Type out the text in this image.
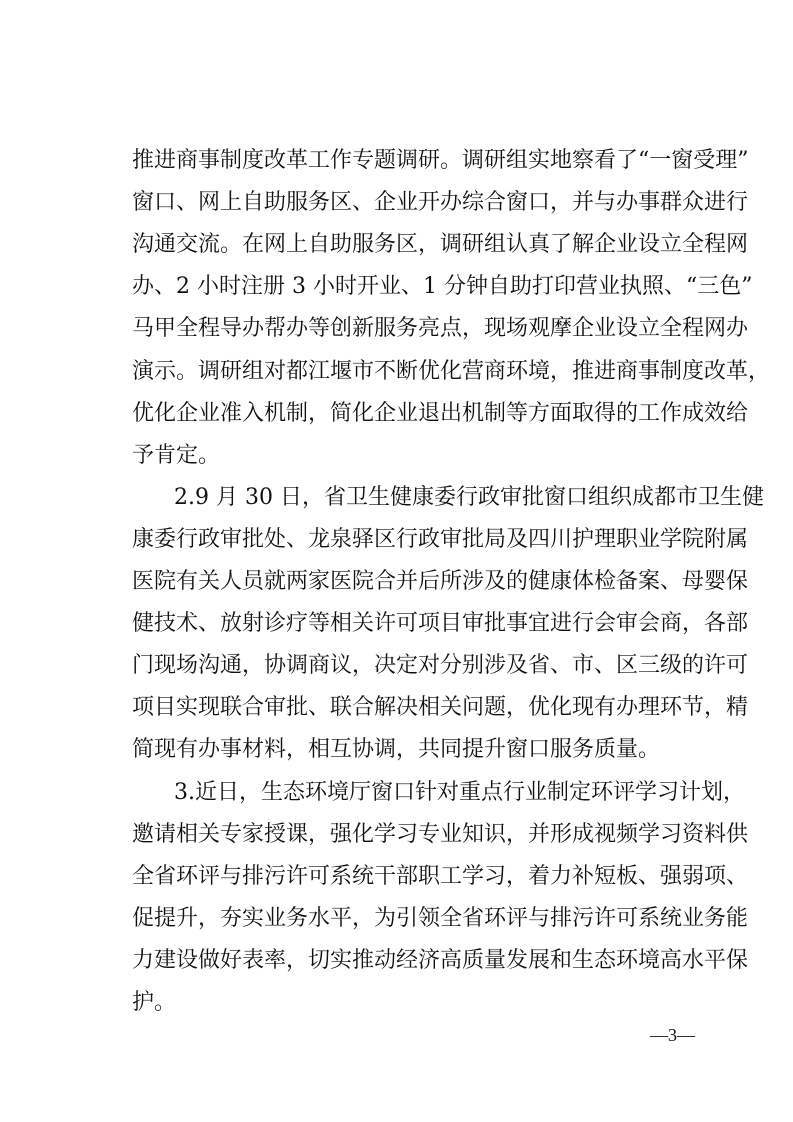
推进商事制度改革工作专题调研。调研组实地察看了“一窗受理”
窗口、网上自助服务区、企业开办综合窗口，并与办事群众进行
沟通交流。在网上自助服务区，调研组认真了解企业设立全程网
办、2 小时注册 3 小时开业、1 分钟自助打印营业执照、“三色”
马甲全程导办帮办等创新服务亮点，现场观摩企业设立全程网办
演示。调研组对都江堰市不断优化营商环境，推进商事制度改革，
优化企业准入机制，简化企业退出机制等方面取得的工作成效给
予肯定。
2.9 月 30 日，省卫生健康委行政审批窗口组织成都市卫生健
康委行政审批处、龙泉驿区行政审批局及四川护理职业学院附属
医院有关人员就两家医院合并后所涉及的健康体检备案、母婴保
健技术、放射诊疗等相关许可项目审批事宜进行会审会商，各部
门现场沟通，协调商议，决定对分别涉及省、市、区三级的许可
项目实现联合审批、联合解决相关问题，优化现有办理环节，精
简现有办事材料，相互协调，共同提升窗口服务质量。
3.近日，生态环境厅窗口针对重点行业制定环评学习计划，
邀请相关专家授课，强化学习专业知识，并形成视频学习资料供
全省环评与排污许可系统干部职工学习，着力补短板、强弱项、
促提升，夯实业务水平，为引领全省环评与排污许可系统业务能
力建设做好表率，切实推动经济高质量发展和生态环境高水平保
护。
—3—
